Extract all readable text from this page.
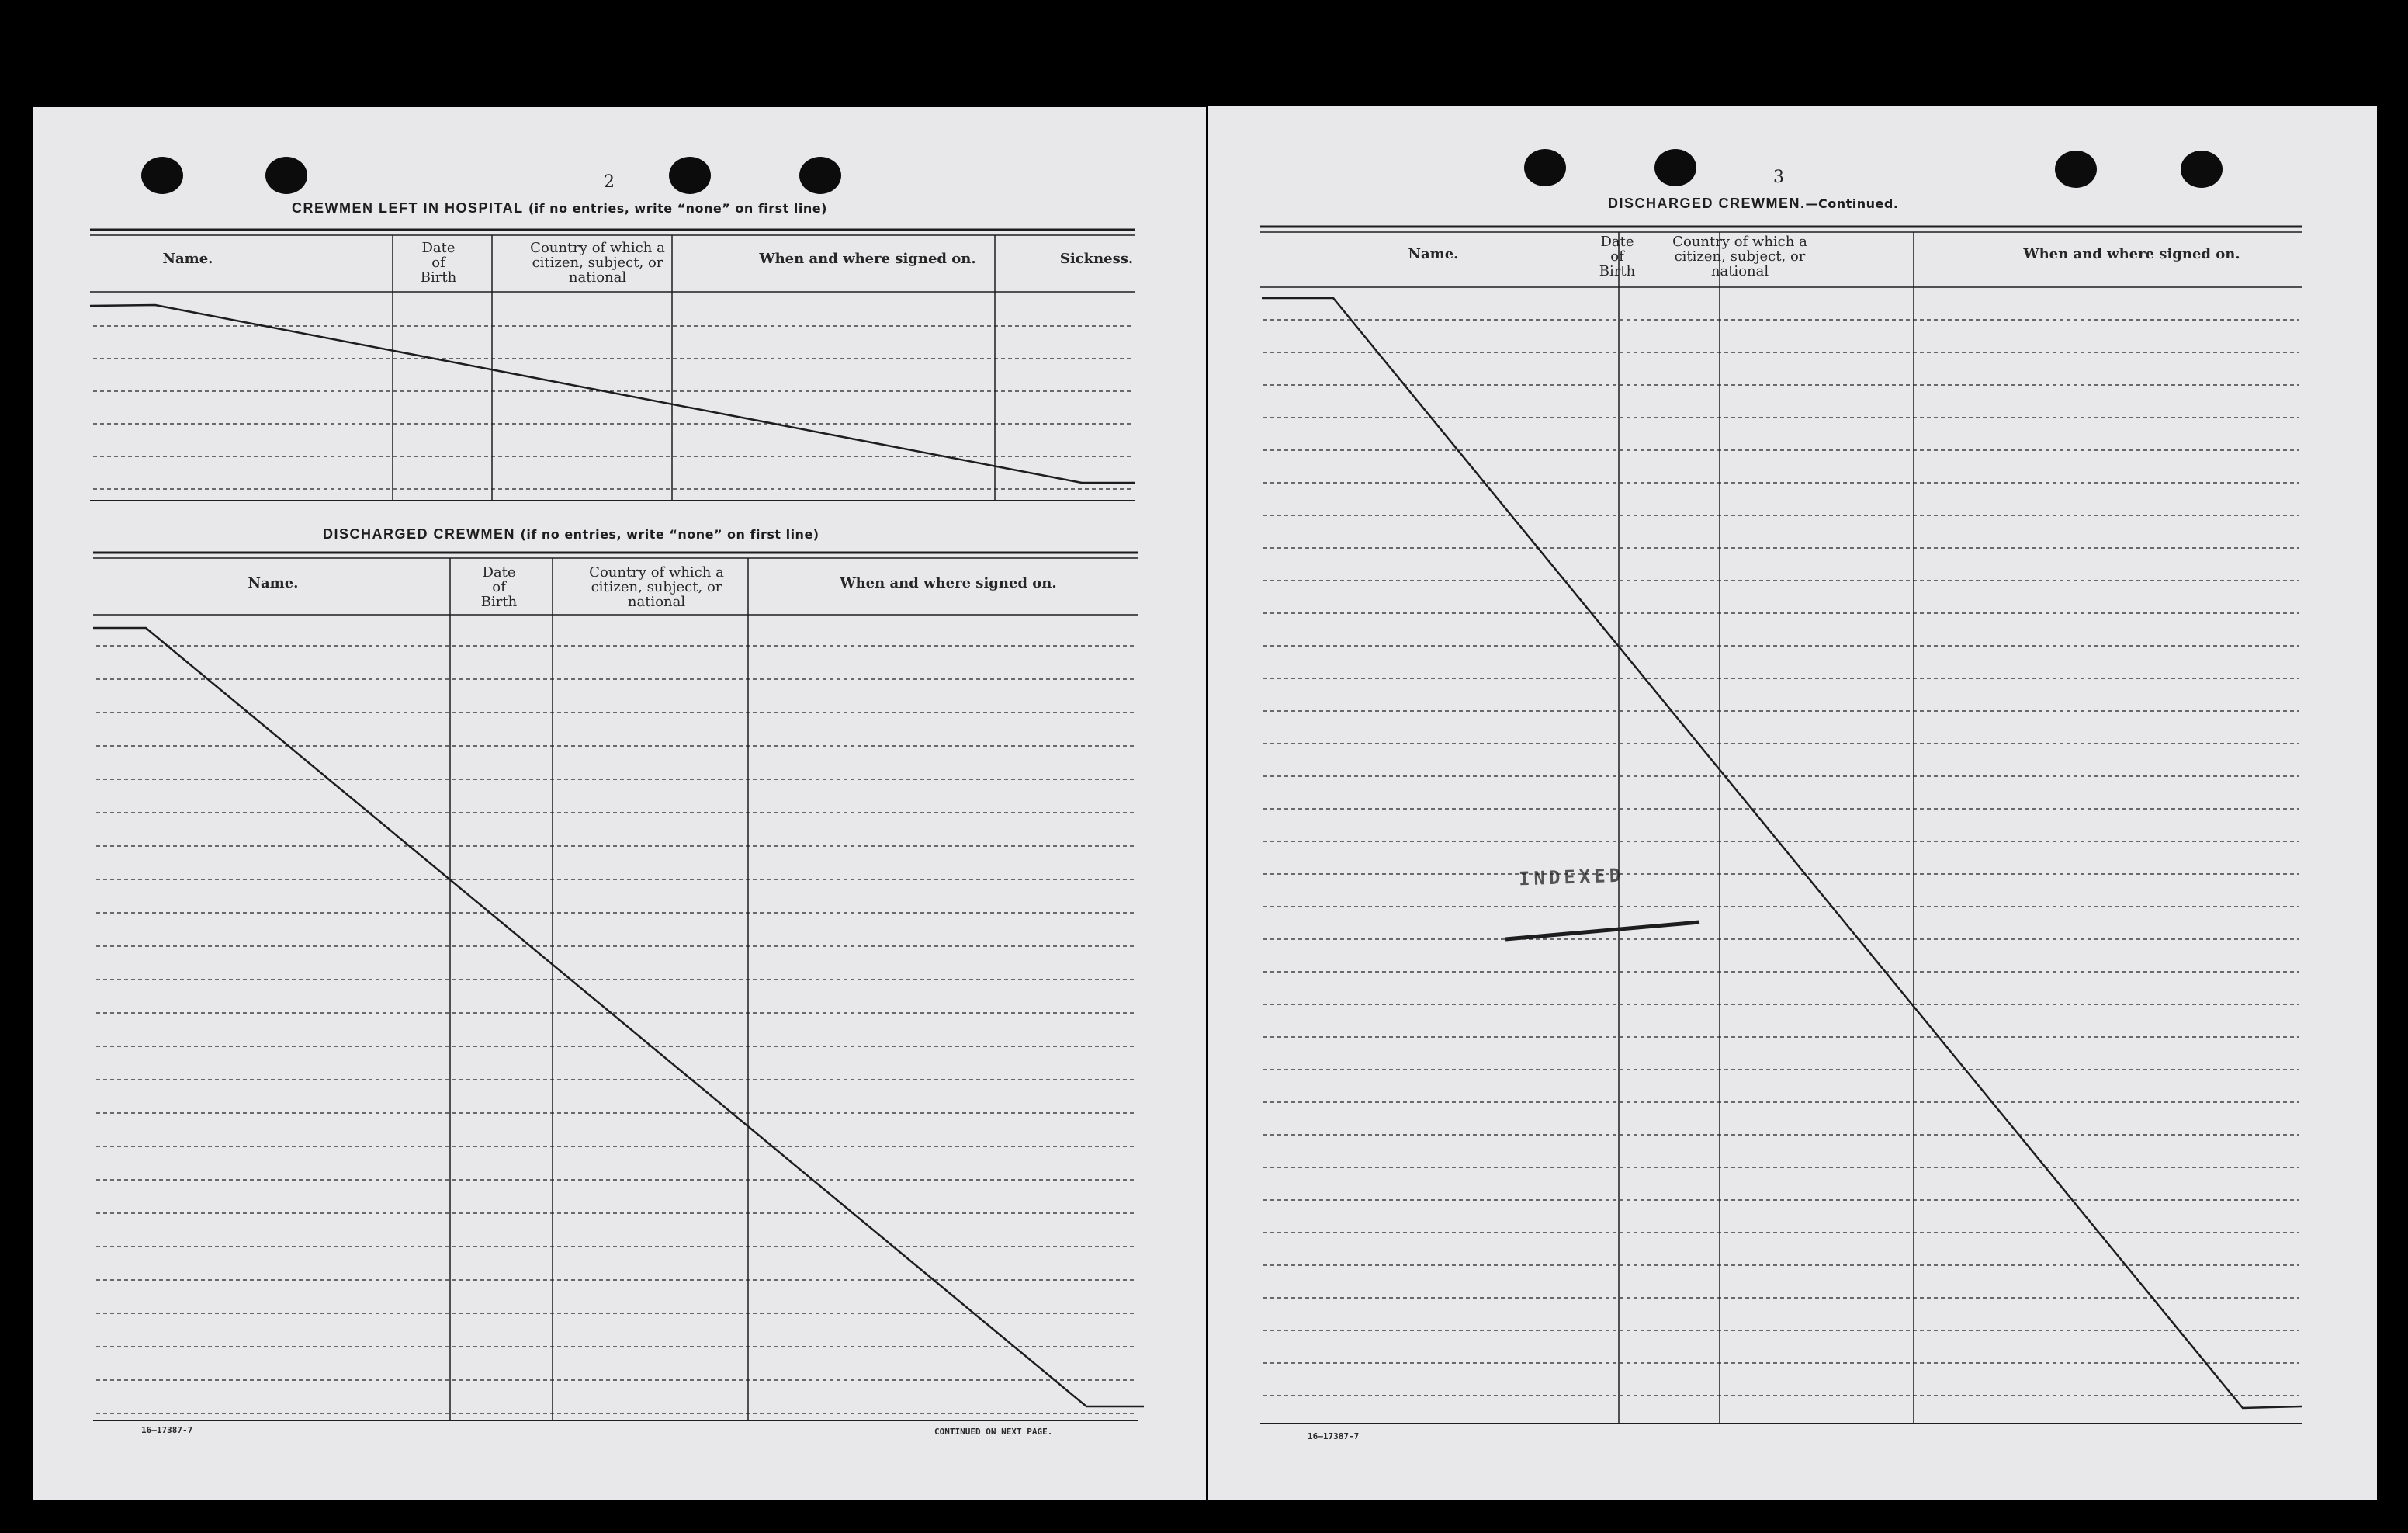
2
CREWMEN LEFT IN HOSPITAL (if no entries, write “none” on first line)
Name.
Date
of
Birth
Country of which a
citizen, subject, or
national
When and where signed on.	Sickness.
DISCHARGED CREWMEN (if no entries, write “none” on first line)
Name.
Date
of
Birth
Country of which a
citizen, subject, or
national
When and where signed on.
16—17387-7	CONTINUED ON NEXT PAGE.
3
DISCHARGED CREWMEN.—Continued.
Name.
Date
of
Birth
Country of which a
citizen, subject, or
national
When and where signed on.
INDEXED
16—17387-7
